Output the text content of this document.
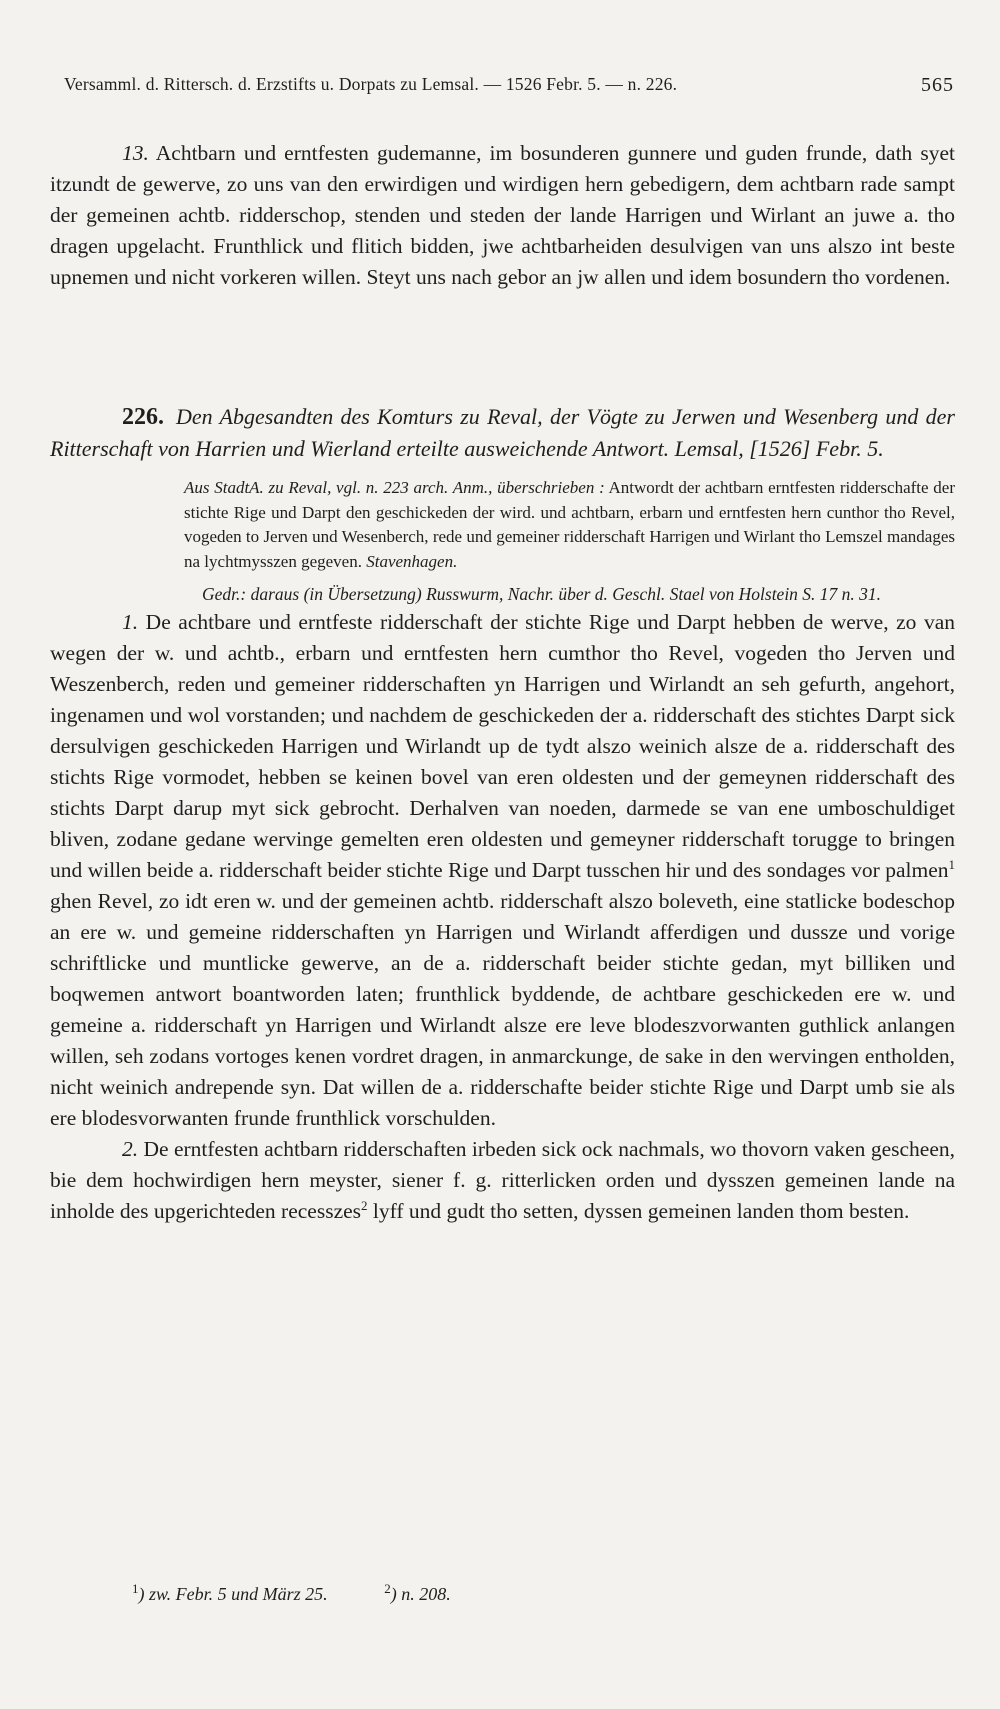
Versamml. d. Rittersch. d. Erzstifts u. Dorpats zu Lemsal. — 1526 Febr. 5. — n. 226.	565

13. Achtbarn und erntfesten gudemanne, im bosunderen gunnere und guden frunde, dath syet itzundt de gewerve, zo uns van den erwirdigen und wirdigen hern gebedigern, dem achtbarn rade sampt der gemeinen achtb. ridderschop, stenden und steden der lande Harrigen und Wirlant an juwe a. tho dragen upgelacht. Frunthlick und flitich bidden, jwe achtbarheiden desulvigen van uns alszo int beste upnemen und nicht vorkeren willen. Steyt uns nach gebor an jw allen und idem bosundern tho vordenen.

226. Den Abgesandten des Komturs zu Reval, der Vögte zu Jerwen und Wesenberg und der Ritterschaft von Harrien und Wierland erteilte ausweichende Antwort. Lemsal, [1526] Febr. 5.

Aus StadtA. zu Reval, vgl. n. 223 arch. Anm., überschrieben : Antwordt der achtbarn erntfesten ridderschafte der stichte Rige und Darpt den geschickeden der wird. und achtbarn, erbarn und erntfesten hern cunthor tho Revel, vogeden to Jerven und Wesenberch, rede und gemeiner ridderschaft Harrigen und Wirlant tho Lemszel mandages na lychtmysszen gegeven. Stavenhagen.
Gedr.: daraus (in Übersetzung) Russwurm, Nachr. über d. Geschl. Stael von Holstein S. 17 n. 31.

1. De achtbare und erntfeste ridderschaft der stichte Rige und Darpt hebben de werve, zo van wegen der w. und achtb., erbarn und erntfesten hern cumthor tho Revel, vogeden tho Jerven und Weszenberch, reden und gemeiner ridderschaften yn Harrigen und Wirlandt an seh gefurth, angehort, ingenamen und wol vorstanden; und nachdem de geschickeden der a. ridderschaft des stichtes Darpt sick dersulvigen geschickeden Harrigen und Wirlandt up de tydt alszo weinich alsze de a. ridderschaft des stichts Rige vormodet, hebben se keinen bovel van eren oldesten und der gemeynen ridderschaft des stichts Darpt darup myt sick gebrocht. Derhalven van noeden, darmede se van ene umboschuldiget bliven, zodane gedane wervinge gemelten eren oldesten und gemeyner ridderschaft torugge to bringen und willen beide a. ridderschaft beider stichte Rige und Darpt tusschen hir und des sondages vor palmen$^1$ ghen Revel, zo idt eren w. und der gemeinen achtb. ridderschaft alszo boleveth, eine statlicke bodeschop an ere w. und gemeine ridderschaften yn Harrigen und Wirlandt afferdigen und dussze und vorige schriftlicke und muntlicke gewerve, an de a. ridderschaft beider stichte gedan, myt billiken und boqwemen antwort boantworden laten; frunthlick byddende, de achtbare geschickeden ere w. und gemeine a. ridderschaft yn Harrigen und Wirlandt alsze ere leve blodeszvorwanten guthlick anlangen willen, seh zodans vortoges kenen vordret dragen, in anmarckunge, de sake in den wervingen entholden, nicht weinich andrepende syn. Dat willen de a. ridderschafte beider stichte Rige und Darpt umb sie als ere blodesvorwanten frunde frunthlick vorschulden.

2. De erntfesten achtbarn ridderschaften irbeden sick ock nachmals, wo thovorn vaken gescheen, bie dem hochwirdigen hern meyster, siener f. g. ritterlicken orden und dysszen gemeinen lande na inholde des upgerichteden recesszes$^2$ lyff und gudt tho setten, dyssen gemeinen landen thom besten.

$^1$) zw. Febr. 5 und März 25.	$^2$) n. 208.
